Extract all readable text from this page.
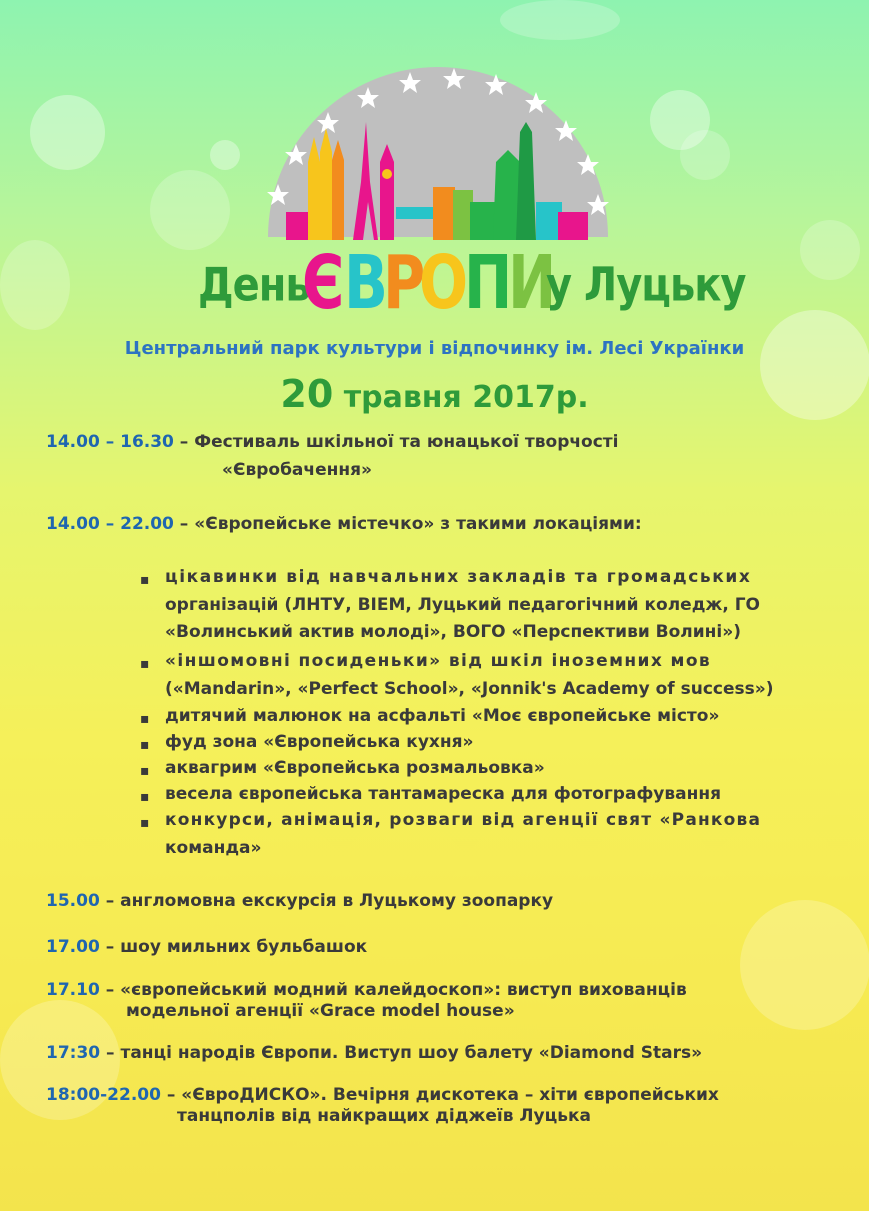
День
ЄВРОПИ
у Луцьку
Центральний парк культури і відпочинку ім. Лесі Українки
20 травня 2017р.
14.00 – 16.30 – Фестиваль шкільної та юнацької творчості
«Євробачення»
14.00 – 22.00 – «Європейське містечко» з такими локаціями:
▪ цікавинки від навчальних закладів та громадських
організацій (ЛНТУ, ВІЕМ, Луцький педагогічний коледж, ГО
«Волинський актив молоді», ВОГО «Перспективи Волині»)
▪ «іншомовні посиденьки» від шкіл іноземних мов
(«Mandarin», «Perfect School», «Jonnik's Academy of success»)
▪ дитячий малюнок на асфальті «Моє європейське місто»
▪ фуд зона «Європейська кухня»
▪ аквагрим «Європейська розмальовка»
▪ весела європейська тантамареска для фотографування
▪ конкурси, анімація, розваги від агенції свят «Ранкова
команда»
15.00 – англомовна екскурсія в Луцькому зоопарку
17.00 – шоу мильних бульбашок
17.10 – «європейський модний калейдоскоп»: виступ вихованців
модельної агенції «Grace model house»
17:30 – танці народів Європи. Виступ шоу балету «Diamond Stars»
18:00-22.00 – «ЄвроДИСКО». Вечірня дискотека – хіти європейських
танцполів від найкращих діджеїв Луцька
